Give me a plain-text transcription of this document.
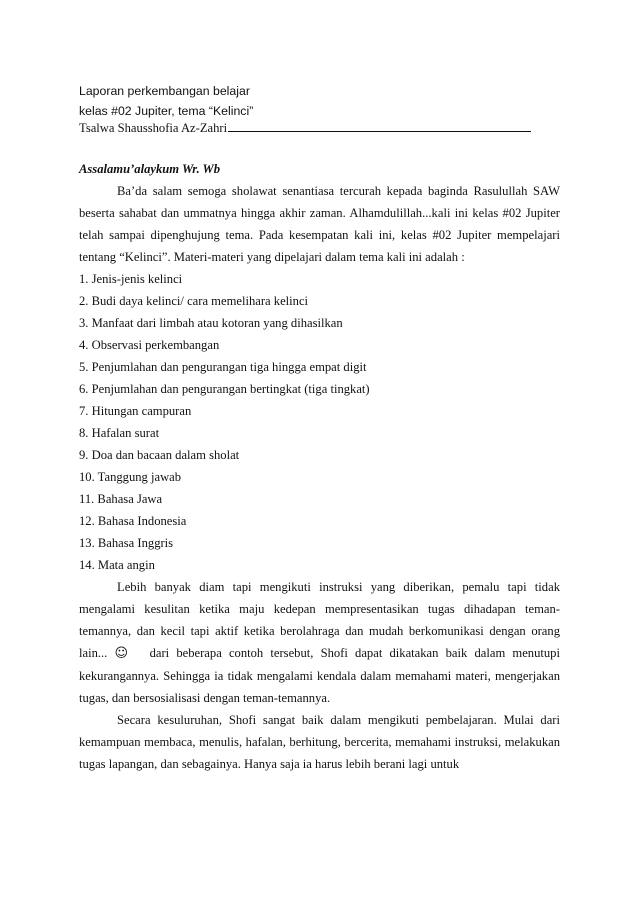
Laporan perkembangan belajar
kelas #02 Jupiter, tema “Kelinci”
Tsalwa Shausshofia Az-Zahri
Assalamu’alaykum Wr. Wb

Ba’da salam semoga sholawat senantiasa tercurah kepada baginda Rasulullah SAW beserta sahabat dan ummatnya hingga akhir zaman. Alhamdulillah...kali ini kelas #02 Jupiter telah sampai dipenghujung tema. Pada kesempatan kali ini, kelas #02 Jupiter mempelajari tentang “Kelinci”. Materi-materi yang dipelajari dalam tema kali ini adalah :

1. Jenis-jenis kelinci
2. Budi daya kelinci/ cara memelihara kelinci
3. Manfaat dari limbah atau kotoran yang dihasilkan
4. Observasi perkembangan
5. Penjumlahan dan pengurangan tiga hingga empat digit
6. Penjumlahan dan pengurangan bertingkat (tiga tingkat)
7. Hitungan campuran
8. Hafalan surat
9. Doa dan bacaan dalam sholat
10. Tanggung jawab
11. Bahasa Jawa
12. Bahasa Indonesia
13. Bahasa Inggris
14. Mata angin

Lebih banyak diam tapi mengikuti instruksi yang diberikan, pemalu tapi tidak mengalami kesulitan ketika maju kedepan mempresentasikan tugas dihadapan teman-temannya, dan kecil tapi aktif ketika berolahraga dan mudah berkomunikasi dengan orang lain... ☺ dari beberapa contoh tersebut, Shofi dapat dikatakan baik dalam menutupi kekurangannya. Sehingga ia tidak mengalami kendala dalam memahami materi, mengerjakan tugas, dan bersosialisasi dengan teman-temannya.

Secara kesuluruhan, Shofi sangat baik dalam mengikuti pembelajaran. Mulai dari kemampuan membaca, menulis, hafalan, berhitung, bercerita, memahami instruksi, melakukan tugas lapangan, dan sebagainya. Hanya saja ia harus lebih berani lagi untuk
